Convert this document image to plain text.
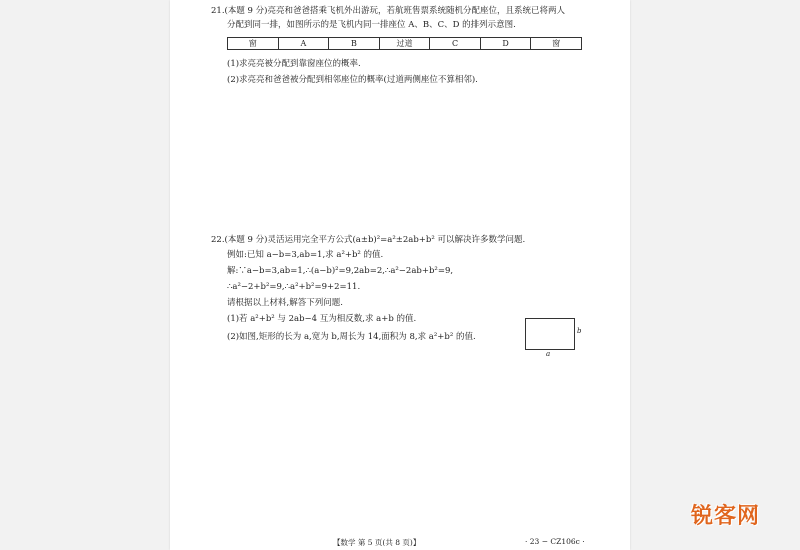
21.(本题 9 分)亮亮和爸爸搭乘飞机外出游玩，若航班售票系统随机分配座位，且系统已将两人
分配到同一排，如图所示的是飞机内同一排座位 A、B、C、D 的排列示意图.
窗	A	B	过道	C	D	窗
(1)求亮亮被分配到靠窗座位的概率.
(2)求亮亮和爸爸被分配到相邻座位的概率(过道两侧座位不算相邻).
22.(本题 9 分)灵活运用完全平方公式(a±b)²=a²±2ab+b² 可以解决许多数学问题.
例如:已知 a−b=3,ab=1,求 a²+b² 的值.
解:∵a−b=3,ab=1,∴(a−b)²=9,2ab=2,∴a²−2ab+b²=9,
∴a²−2+b²=9,∴a²+b²=9+2=11.
请根据以上材料,解答下列问题.
(1)若 a²+b² 与 2ab−4 互为相反数,求 a+b 的值.
(2)如图,矩形的长为 a,宽为 b,周长为 14,面积为 8,求 a²+b² 的值.
b
a
【数学 第 5 页(共 8 页)】	· 23 − CZ106c ·
锐客网
